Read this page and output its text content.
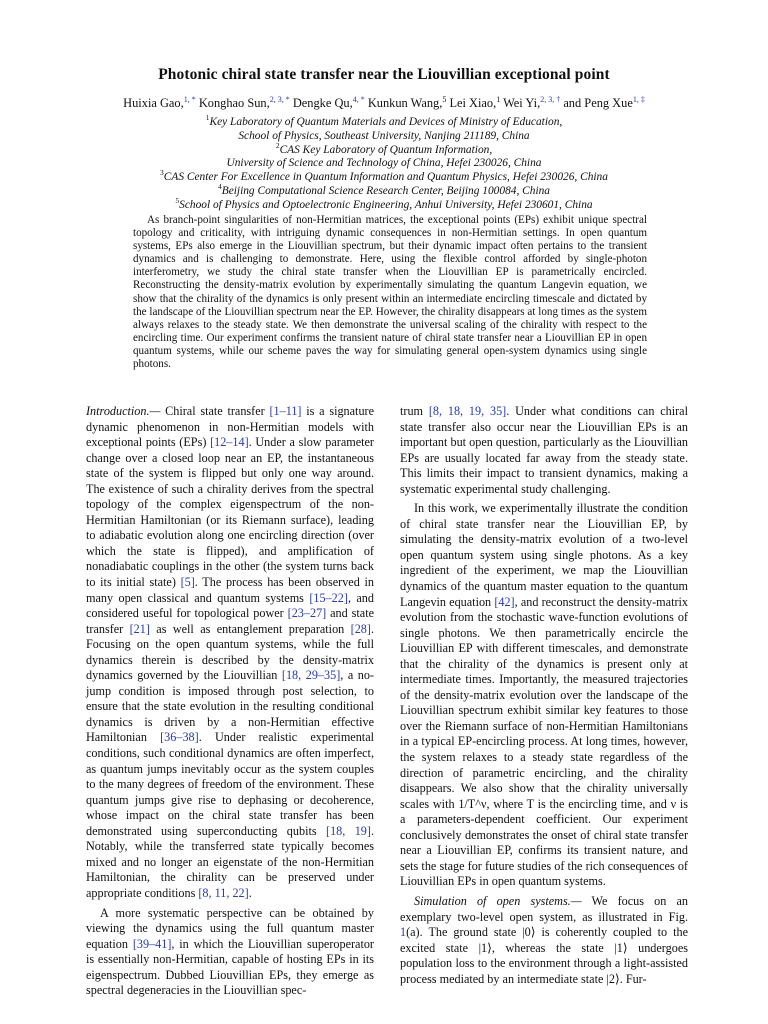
Photonic chiral state transfer near the Liouvillian exceptional point
Huixia Gao,$^{1, *}$ Konghao Sun,$^{2, 3, *}$ Dengke Qu,$^{4, *}$ Kunkun Wang,$^5$ Lei Xiao,$^1$ Wei Yi,$^{2, 3, \dagger}$ and Peng Xue$^{1, \ddagger}$
$^1$Key Laboratory of Quantum Materials and Devices of Ministry of Education,
School of Physics, Southeast University, Nanjing 211189, China
$^2$CAS Key Laboratory of Quantum Information,
University of Science and Technology of China, Hefei 230026, China
$^3$CAS Center For Excellence in Quantum Information and Quantum Physics, Hefei 230026, China
$^4$Beijing Computational Science Research Center, Beijing 100084, China
$^5$School of Physics and Optoelectronic Engineering, Anhui University, Hefei 230601, China
As branch-point singularities of non-Hermitian matrices, the exceptional points (EPs) exhibit unique spectral topology and criticality, with intriguing dynamic consequences in non-Hermitian settings. In open quantum systems, EPs also emerge in the Liouvillian spectrum, but their dynamic impact often pertains to the transient dynamics and is challenging to demonstrate. Here, using the flexible control afforded by single-photon interferometry, we study the chiral state transfer when the Liouvillian EP is parametrically encircled. Reconstructing the density-matrix evolution by experimentally simulating the quantum Langevin equation, we show that the chirality of the dynamics is only present within an intermediate encircling timescale and dictated by the landscape of the Liouvillian spectrum near the EP. However, the chirality disappears at long times as the system always relaxes to the steady state. We then demonstrate the universal scaling of the chirality with respect to the encircling time. Our experiment confirms the transient nature of chiral state transfer near a Liouvillian EP in open quantum systems, while our scheme paves the way for simulating general open-system dynamics using single photons.

Introduction.— Chiral state transfer [1–11] is a signature dynamic phenomenon in non-Hermitian models with exceptional points (EPs) [12–14]. Under a slow parameter change over a closed loop near an EP, the instantaneous state of the system is flipped but only one way around. The existence of such a chirality derives from the spectral topology of the complex eigenspectrum of the non-Hermitian Hamiltonian (or its Riemann surface), leading to adiabatic evolution along one encircling direction (over which the state is flipped), and amplification of nonadiabatic couplings in the other (the system turns back to its initial state) [5]. The process has been observed in many open classical and quantum systems [15–22], and considered useful for topological power [23–27] and state transfer [21] as well as entanglement preparation [28]. Focusing on the open quantum systems, while the full dynamics therein is described by the density-matrix dynamics governed by the Liouvillian [18, 29–35], a no-jump condition is imposed through post selection, to ensure that the state evolution in the resulting conditional dynamics is driven by a non-Hermitian effective Hamiltonian [36–38]. Under realistic experimental conditions, such conditional dynamics are often imperfect, as quantum jumps inevitably occur as the system couples to the many degrees of freedom of the environment. These quantum jumps give rise to dephasing or decoherence, whose impact on the chiral state transfer has been demonstrated using superconducting qubits [18, 19]. Notably, while the transferred state typically becomes mixed and no longer an eigenstate of the non-Hermitian Hamiltonian, the chirality can be preserved under appropriate conditions [8, 11, 22].

A more systematic perspective can be obtained by viewing the dynamics using the full quantum master equation [39–41], in which the Liouvillian superoperator is essentially non-Hermitian, capable of hosting EPs in its eigenspectrum. Dubbed Liouvillian EPs, they emerge as spectral degeneracies in the Liouvillian spec-

trum [8, 18, 19, 35]. Under what conditions can chiral state transfer also occur near the Liouvillian EPs is an important but open question, particularly as the Liouvillian EPs are usually located far away from the steady state. This limits their impact to transient dynamics, making a systematic experimental study challenging.

In this work, we experimentally illustrate the condition of chiral state transfer near the Liouvillian EP, by simulating the density-matrix evolution of a two-level open quantum system using single photons. As a key ingredient of the experiment, we map the Liouvillian dynamics of the quantum master equation to the quantum Langevin equation [42], and reconstruct the density-matrix evolution from the stochastic wave-function evolutions of single photons. We then parametrically encircle the Liouvillian EP with different timescales, and demonstrate that the chirality of the dynamics is present only at intermediate times. Importantly, the measured trajectories of the density-matrix evolution over the landscape of the Liouvillian spectrum exhibit similar key features to those over the Riemann surface of non-Hermitian Hamiltonians in a typical EP-encircling process. At long times, however, the system relaxes to a steady state regardless of the direction of parametric encircling, and the chirality disappears. We also show that the chirality universally scales with 1/T^ν, where T is the encircling time, and ν is a parameters-dependent coefficient. Our experiment conclusively demonstrates the onset of chiral state transfer near a Liouvillian EP, confirms its transient nature, and sets the stage for future studies of the rich consequences of Liouvillian EPs in open quantum systems.

Simulation of open systems.— We focus on an exemplary two-level open system, as illustrated in Fig. 1(a). The ground state |0⟩ is coherently coupled to the excited state |1⟩, whereas the state |1⟩ undergoes population loss to the environment through a light-assisted process mediated by an intermediate state |2⟩. Fur-
